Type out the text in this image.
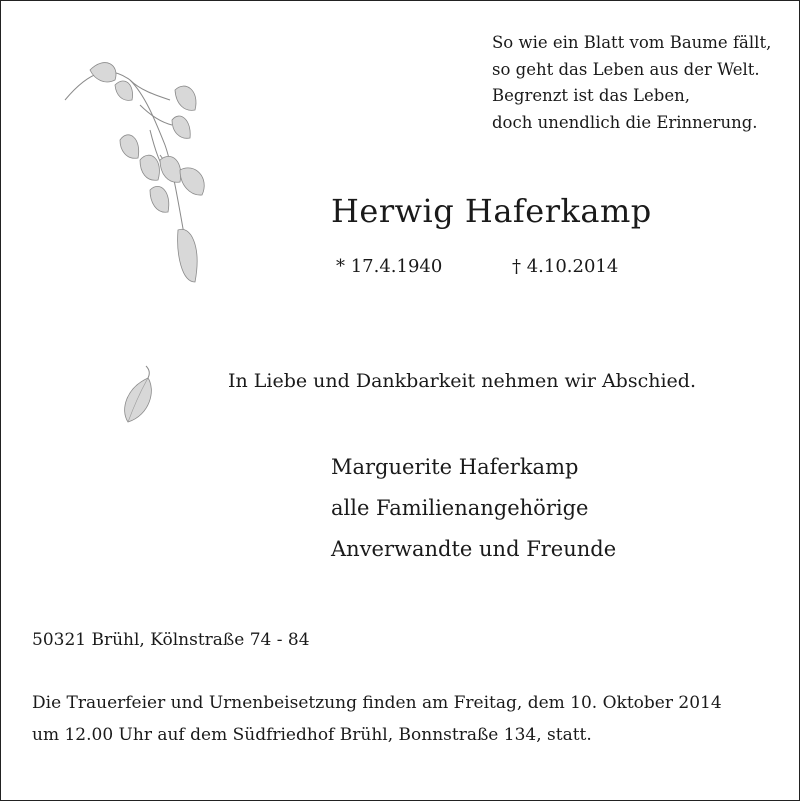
So wie ein Blatt vom Baume fällt,
so geht das Leben aus der Welt.
Begrenzt ist das Leben,
doch unendlich die Erinnerung.
Herwig Haferkamp
* 17.4.1940	† 4.10.2014
In Liebe und Dankbarkeit nehmen wir Abschied.
Marguerite Haferkamp
alle Familienangehörige
Anverwandte und Freunde
50321 Brühl, Kölnstraße 74 - 84
Die Trauerfeier und Urnenbeisetzung finden am Freitag, dem 10. Oktober 2014
um 12.00 Uhr auf dem Südfriedhof Brühl, Bonnstraße 134, statt.
